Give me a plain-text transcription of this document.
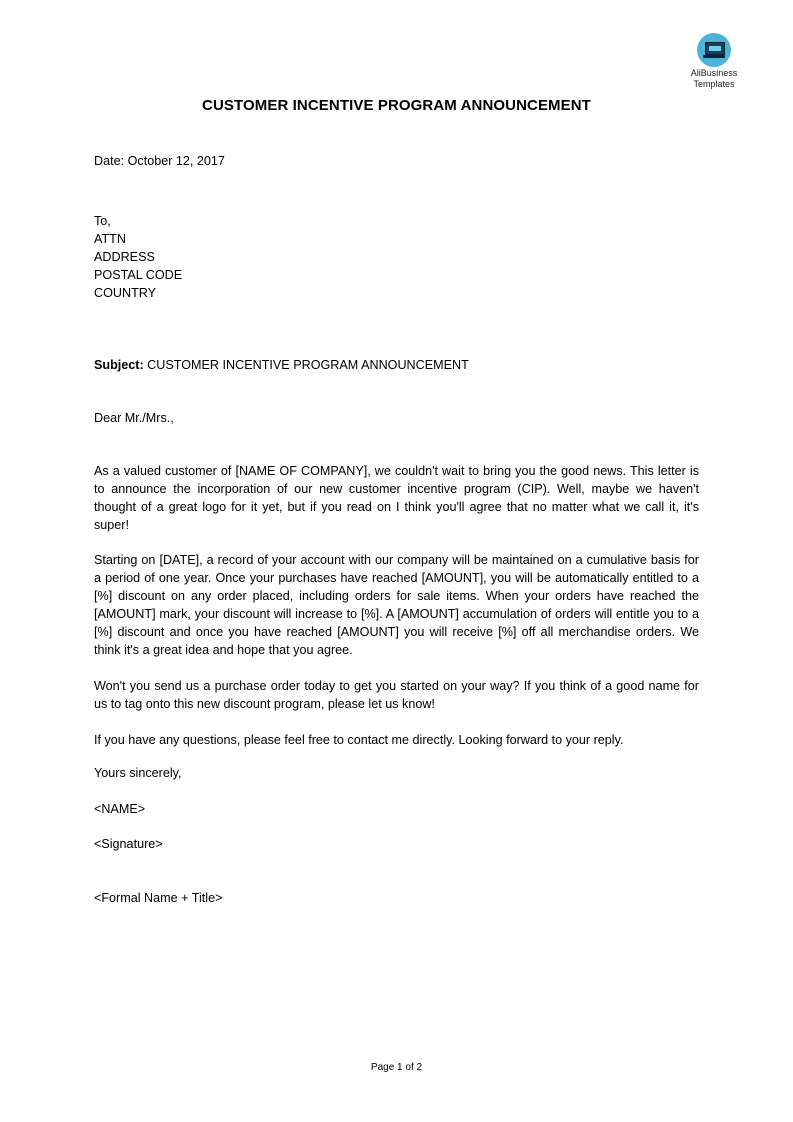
AliBusiness
Templates
CUSTOMER INCENTIVE PROGRAM ANNOUNCEMENT
Date: October 12, 2017
To,
ATTN
ADDRESS
POSTAL CODE
COUNTRY
Subject: CUSTOMER INCENTIVE PROGRAM ANNOUNCEMENT
Dear Mr./Mrs.,
As a valued customer of [NAME OF COMPANY], we couldn't wait to bring you the good news. This letter is to announce the incorporation of our new customer incentive program (CIP). Well, maybe we haven't thought of a great logo for it yet, but if you read on I think you'll agree that no matter what we call it, it's super!
Starting on [DATE], a record of your account with our company will be maintained on a cumulative basis for a period of one year. Once your purchases have reached [AMOUNT], you will be automatically entitled to a [%] discount on any order placed, including orders for sale items. When your orders have reached the [AMOUNT] mark, your discount will increase to [%]. A [AMOUNT] accumulation of orders will entitle you to a [%] discount and once you have reached [AMOUNT] you will receive [%] off all merchandise orders. We think it's a great idea and hope that you agree.
Won't you send us a purchase order today to get you started on your way? If you think of a good name for us to tag onto this new discount program, please let us know!
If you have any questions, please feel free to contact me directly. Looking forward to your reply.
Yours sincerely,
<NAME>
<Signature>
<Formal Name + Title>
Page 1 of 2
